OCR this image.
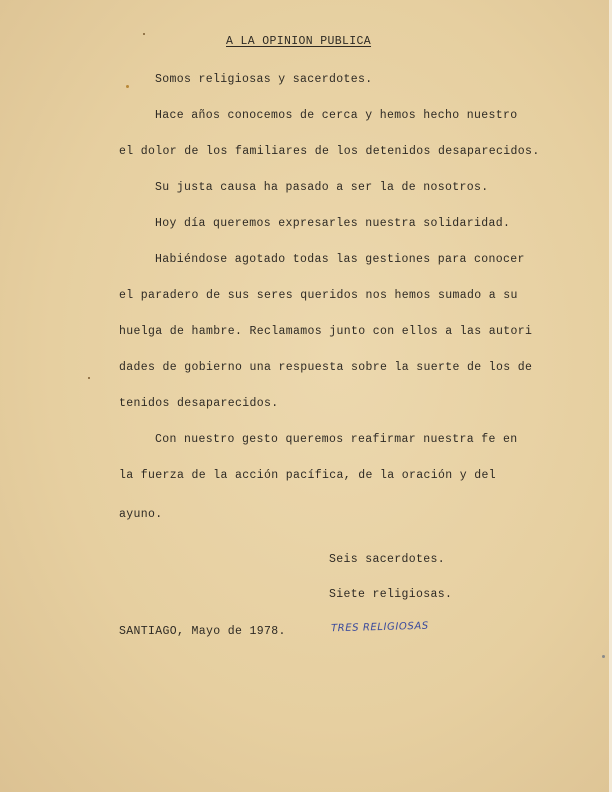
A LA OPINION PUBLICA
Somos religiosas y sacerdotes.
Hace años conocemos de cerca y hemos hecho nuestro
el dolor de los familiares de los detenidos desaparecidos.
Su justa causa ha pasado a ser la de nosotros.
Hoy día queremos expresarles nuestra solidaridad.
Habiéndose agotado todas las gestiones para conocer
el paradero de sus seres queridos nos hemos sumado a su
huelga de hambre. Reclamamos junto con ellos a las autori
dades de gobierno una respuesta sobre la suerte de los de
tenidos desaparecidos.
Con nuestro gesto queremos reafirmar nuestra fe en
la fuerza de la acción pacífica, de la oración y del
ayuno.
Seis sacerdotes.
Siete religiosas.
SANTIAGO, Mayo de 1978.	TRES RELIGIOSAS
